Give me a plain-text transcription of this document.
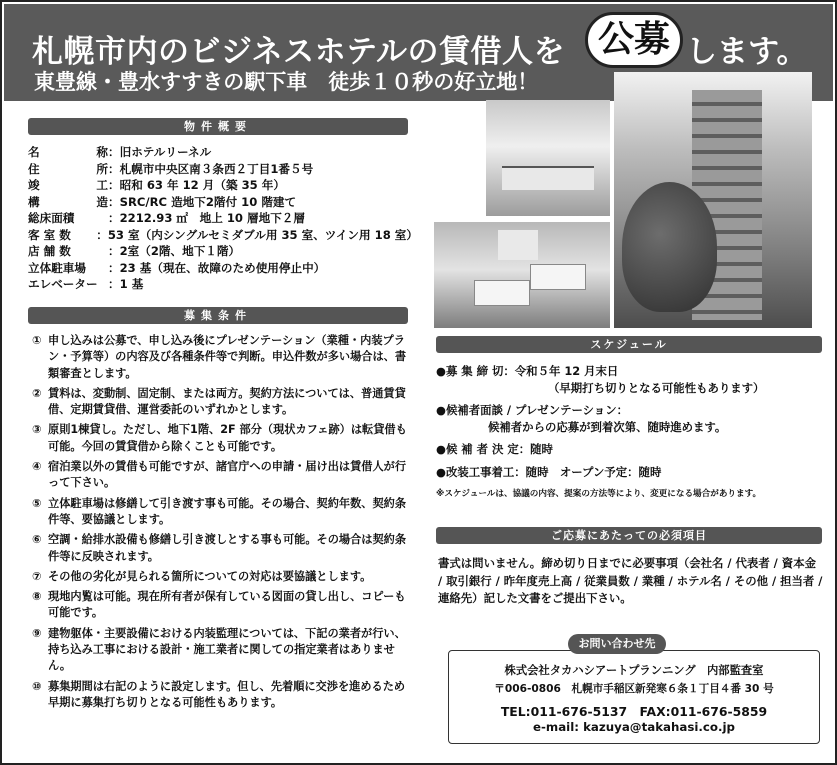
札幌市内のビジネスホテルの賃借人を	します。
東豊線・豊水すすきの駅下車　徒歩１０秒の好立地！
公募
物件概要
名	称 ：旧ホテルリーネル
住	所 ：札幌市中央区南３条西２丁目1番５号
竣	工 ：昭和 63 年 12 月（築 35 年）
構	造 ：SRC/RC 造地下2階付 10 階建て
総床面積	：2212.93 ㎡　地上 10 層地下２層
客 室 数 ：53 室（内シングルセミダブル用 35 室、ツイン用 18 室）
店 舗 数	：2室（2階、地下１階）
立体駐車場 ：23 基（現在、故障のため使用停止中）
エレベーター ：1 基
募集条件
① 申し込みは公募で、申し込み後にプレゼンテーション（業種・内装プラン・予算等）の内容及び各種条件等で判断。申込件数が多い場合は、書類審査とします。
② 賃料は、変動制、固定制、または両方。契約方法については、普通賃貸借、定期賃貸借、運営委託のいずれかとします。
③ 原則1棟貸し。ただし、地下1階、2F 部分（現状カフェ跡）は転貸借も可能。今回の賃貸借から除くことも可能です。
④ 宿泊業以外の賃借も可能ですが、諸官庁への申請・届け出は賃借人が行って下さい。
⑤ 立体駐車場は修繕して引き渡す事も可能。その場合、契約年数、契約条件等、要協議とします。
⑥ 空調・給排水設備も修繕し引き渡しとする事も可能。その場合は契約条件等に反映されます。
⑦ その他の劣化が見られる箇所についての対応は要協議とします。
⑧ 現地内覧は可能。現在所有者が保有している図面の貸し出し、コピーも可能です。
⑨ 建物躯体・主要設備における内装監理については、下記の業者が行い、持ち込み工事における設計・施工業者に関しての指定業者はありません。
⑩ 募集期間は右記のように設定します。但し、先着順に交渉を進めるため早期に募集打ち切りとなる可能性もあります。
スケジュール
●募 集 締 切：令和５年 12 月末日
（早期打ち切りとなる可能性もあります）
●候補者面談 / プレゼンテーション：
候補者からの応募が到着次第、随時進めます。
●候 補 者 決 定：随時
●改装工事着工：随時　オープン予定：随時
※スケジュールは、協議の内容、提案の方法等により、変更になる場合があります。
ご応募にあたっての必須項目
書式は問いません。締め切り日までに必要事項（会社名 / 代表者 / 資本金 / 取引銀行 / 昨年度売上高 / 従業員数 / 業種 / ホテル名 / その他 / 担当者 / 連絡先）記した文書をご提出下さい。
お問い合わせ先
株式会社タカハシアートプランニング　内部監査室
〒006-0806　札幌市手稲区新発寒６条１丁目４番 30 号
TEL:011-676-5137　FAX:011-676-5859
e-mail: kazuya@takahasi.co.jp
